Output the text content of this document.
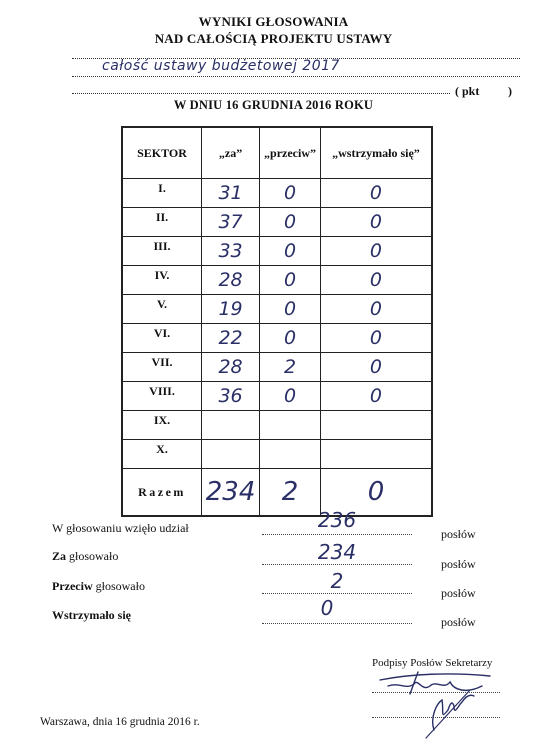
WYNIKI GŁOSOWANIA
NAD CAŁOŚCIĄ PROJEKTU USTAWY
całość ustawy budżetowej 2017
( pkt )
W DNIU 16 GRUDNIA 2016 ROKU
SEKTOR	„za”	„przeciw”	„wstrzymało się”
I.	31	0	0
II.	37	0	0
III.	33	0	0
IV.	28	0	0
V.	19	0	0
VI.	22	0	0
VII.	28	2	0
VIII.	36	0	0
IX.			
X.			
Razem	234	2	0
W głosowaniu wzięło udział	236
posłów
Za głosowało	234	posłów
Przeciw głosowało	2	posłów
Wstrzymało się	0
posłów
Podpisy Posłów Sekretarzy
Warszawa, dnia 16 grudnia 2016 r.
